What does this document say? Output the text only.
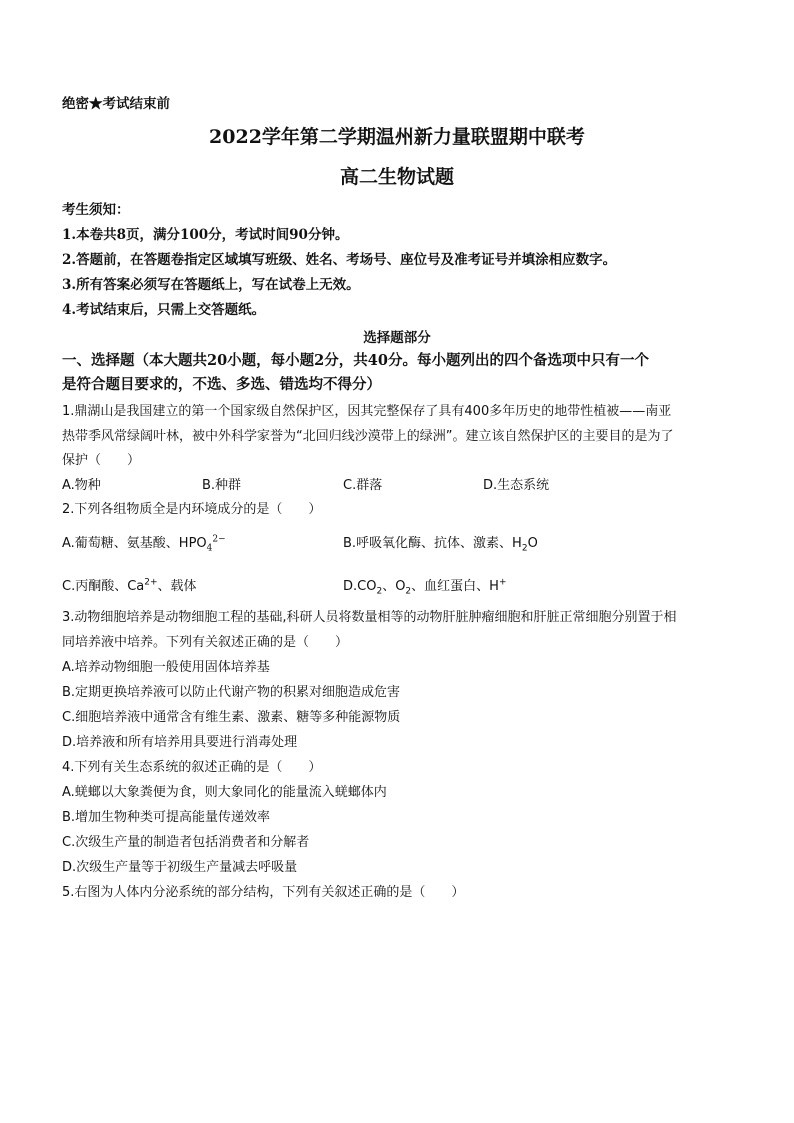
绝密★考试结束前
2022学年第二学期温州新力量联盟期中联考
高二生物试题
考生须知：
1.本卷共8页，满分100分，考试时间90分钟。
2.答题前，在答题卷指定区域填写班级、姓名、考场号、座位号及准考证号并填涂相应数字。
3.所有答案必须写在答题纸上，写在试卷上无效。
4.考试结束后，只需上交答题纸。
选择题部分
一、选择题（本大题共20小题，每小题2分，共40分。每小题列出的四个备选项中只有一个
是符合题目要求的，不选、多选、错选均不得分）
1.鼎湖山是我国建立的第一个国家级自然保护区，因其完整保存了具有400多年历史的地带性植被——南亚
热带季风常绿阔叶林，被中外科学家誉为“北回归线沙漠带上的绿洲”。建立该自然保护区的主要目的是为了
保护（　　）
A.物种	B.种群	C.群落	D.生态系统
2.下列各组物质全是内环境成分的是（　　）
A.葡萄糖、氨基酸、$HPO_4^{2-}$	B.呼吸氧化酶、抗体、激素、$H_2O$
C.丙酮酸、$Ca^{2+}$、载体	$D.CO_2$、$O_2$、血红蛋白、H+
3.动物细胞培养是动物细胞工程的基础,科研人员将数量相等的动物肝脏肿瘤细胞和肝脏正常细胞分别置于相
同培养液中培养。下列有关叙述正确的是（　　）
A.培养动物细胞一般使用固体培养基
B.定期更换培养液可以防止代谢产物的积累对细胞造成危害
C.细胞培养液中通常含有维生素、激素、糖等多种能源物质
D.培养液和所有培养用具要进行消毒处理
4.下列有关生态系统的叙述正确的是（　　）
A.蜣螂以大象粪便为食，则大象同化的能量流入蜣螂体内
B.增加生物种类可提高能量传递效率
C.次级生产量的制造者包括消费者和分解者
D.次级生产量等于初级生产量减去呼吸量
5.右图为人体内分泌系统的部分结构，下列有关叙述正确的是（　　）
